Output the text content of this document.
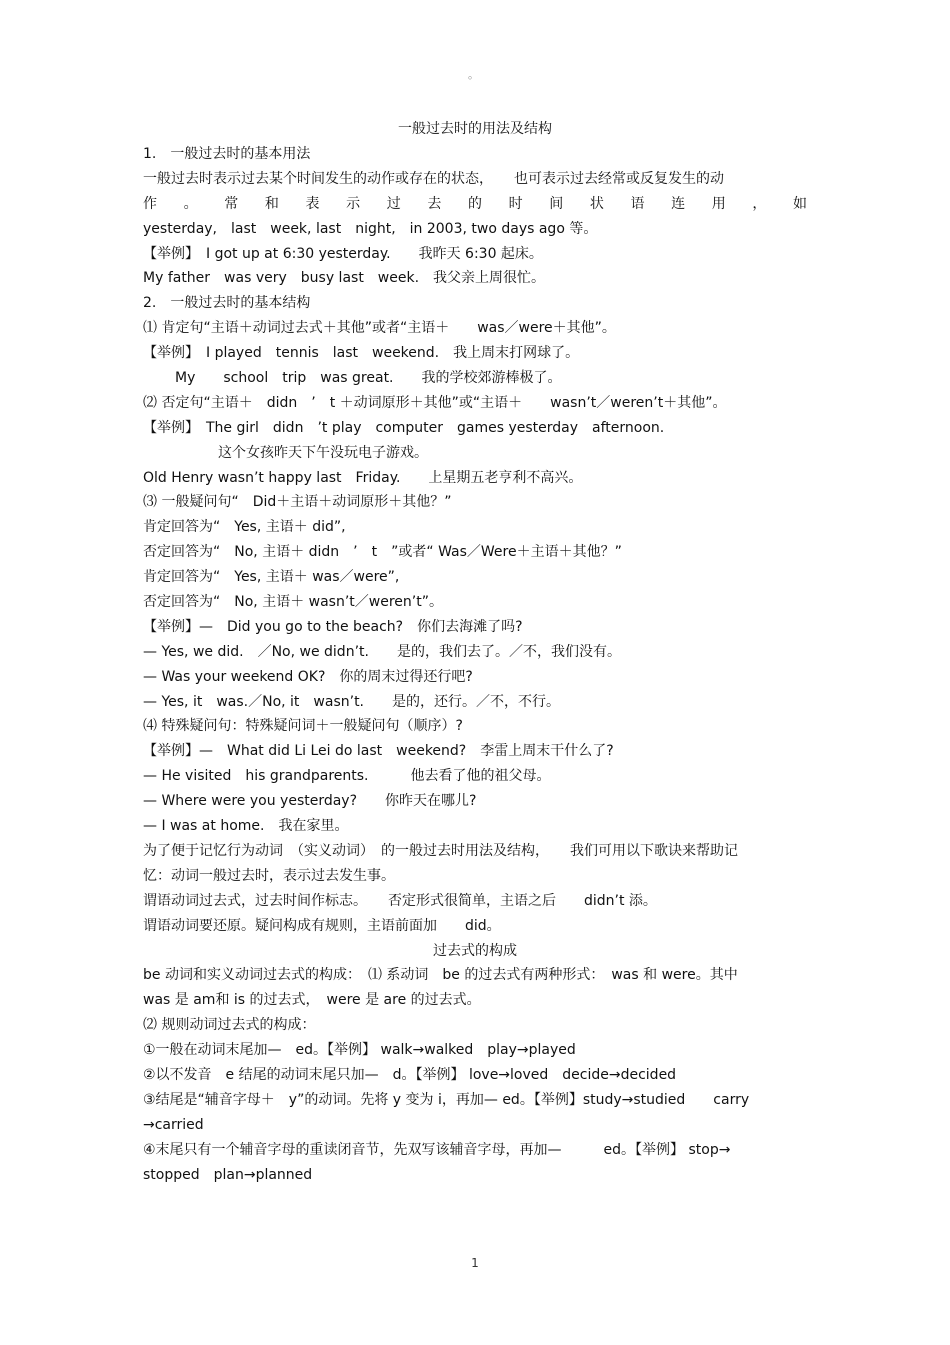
。
一般过去时的用法及结构
1.　一般过去时的基本用法
一般过去时表示过去某个时间发生的动作或存在的状态，　　也可表示过去经常或反复发生的动
作 。 常 和 表 示 过 去 的 时 间 状 语 连 用 ， 如
yesterday,　last　week, last　night,　in 2003, two days ago 等。
【举例】　I got up at 6:30 yesterday.　　我昨天 6:30 起床。
My father　was very　busy last　week.　我父亲上周很忙。
2.　一般过去时的基本结构
⑴ 肯定句“主语＋动词过去式＋其他”或者“主语＋　　was／were＋其他”。
【举例】　I played　tennis　last　weekend.　我上周末打网球了。
My　　school　trip　was great.　　我的学校郊游棒极了。
⑵ 否定句“主语＋　didn　’　t ＋动词原形＋其他”或“主语＋　　wasn’t／weren’t＋其他”。
【举例】　The girl　didn　’t play　computer　games yesterday　afternoon.
这个女孩昨天下午没玩电子游戏。
Old Henry wasn’t happy last　Friday.　　上星期五老亨利不高兴。
⑶ 一般疑问句“　Did＋主语＋动词原形＋其他？”
肯定回答为“　Yes, 主语＋ did”,
否定回答为“　No, 主语＋ didn　’　t　”或者“ Was／Were＋主语＋其他？”
肯定回答为“　Yes, 主语＋ was／were”,
否定回答为“　No, 主语＋ wasn’t／weren’t”。
【举例】—　Did you go to the beach?　你们去海滩了吗?
— Yes, we did.　／No, we didn’t.　　是的，我们去了。／不，我们没有。
— Was your weekend OK?　你的周末过得还行吧?
— Yes, it　was.／No, it　wasn’t.　　是的，还行。／不，不行。
⑷ 特殊疑问句：特殊疑问词＋一般疑问句（顺序）?
【举例】—　What did Li Lei do last　weekend?　李雷上周末干什么了?
— He visited　his grandparents.　　　他去看了他的祖父母。
— Where were you yesterday?　　你昨天在哪儿?
— I was at home.　我在家里。
为了便于记忆行为动词　（实义动词）　的一般过去时用法及结构，　　我们可用以下歌诀来帮助记
忆：动词一般过去时，表示过去发生事。
谓语动词过去式，过去时间作标志。　　否定形式很简单，主语之后　　didn’t 添。
谓语动词要还原。疑问构成有规则，主语前面加　　did。
过去式的构成
be 动词和实义动词过去式的构成：　⑴ 系动词　be 的过去式有两种形式：　was 和 were。其中
was 是 am和 is 的过去式，　were 是 are 的过去式。
⑵ 规则动词过去式的构成：
①一般在动词末尾加—　ed。【举例】 walk→walked　play→played
②以不发音　e 结尾的动词末尾只加—　d。【举例】 love→loved　decide→decided
③结尾是“辅音字母＋　y”的动词。先将 y 变为 i，再加— ed。【举例】study→studied　　carry
→carried
④末尾只有一个辅音字母的重读闭音节，先双写该辅音字母，再加—　　　ed。【举例】 stop→
stopped　plan→planned
1
